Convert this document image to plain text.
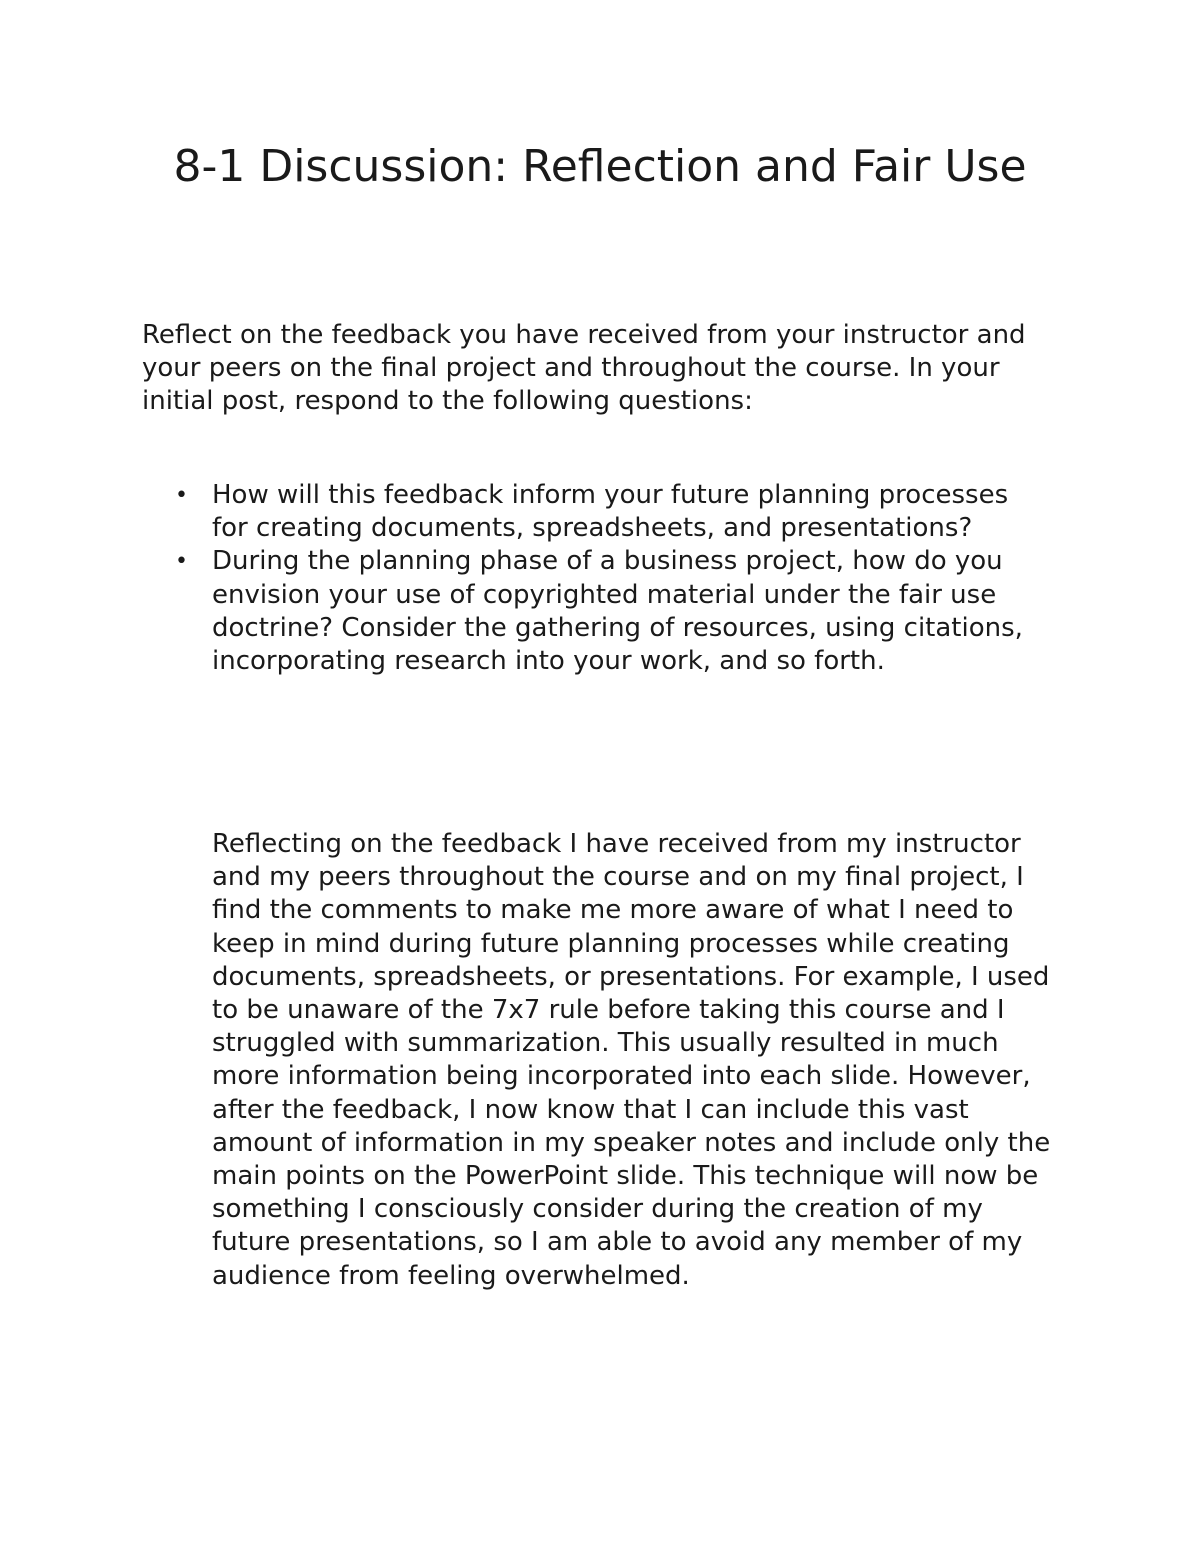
8-1 Discussion: Reflection and Fair Use

Reflect on the feedback you have received from your instructor and your peers on the final project and throughout the course. In your initial post, respond to the following questions:

• How will this feedback inform your future planning processes for creating documents, spreadsheets, and presentations?
• During the planning phase of a business project, how do you envision your use of copyrighted material under the fair use doctrine? Consider the gathering of resources, using citations, incorporating research into your work, and so forth.

Reflecting on the feedback I have received from my instructor and my peers throughout the course and on my final project, I find the comments to make me more aware of what I need to keep in mind during future planning processes while creating documents, spreadsheets, or presentations. For example, I used to be unaware of the 7x7 rule before taking this course and I struggled with summarization. This usually resulted in much more information being incorporated into each slide. However, after the feedback, I now know that I can include this vast amount of information in my speaker notes and include only the main points on the PowerPoint slide. This technique will now be something I consciously consider during the creation of my future presentations, so I am able to avoid any member of my audience from feeling overwhelmed.
